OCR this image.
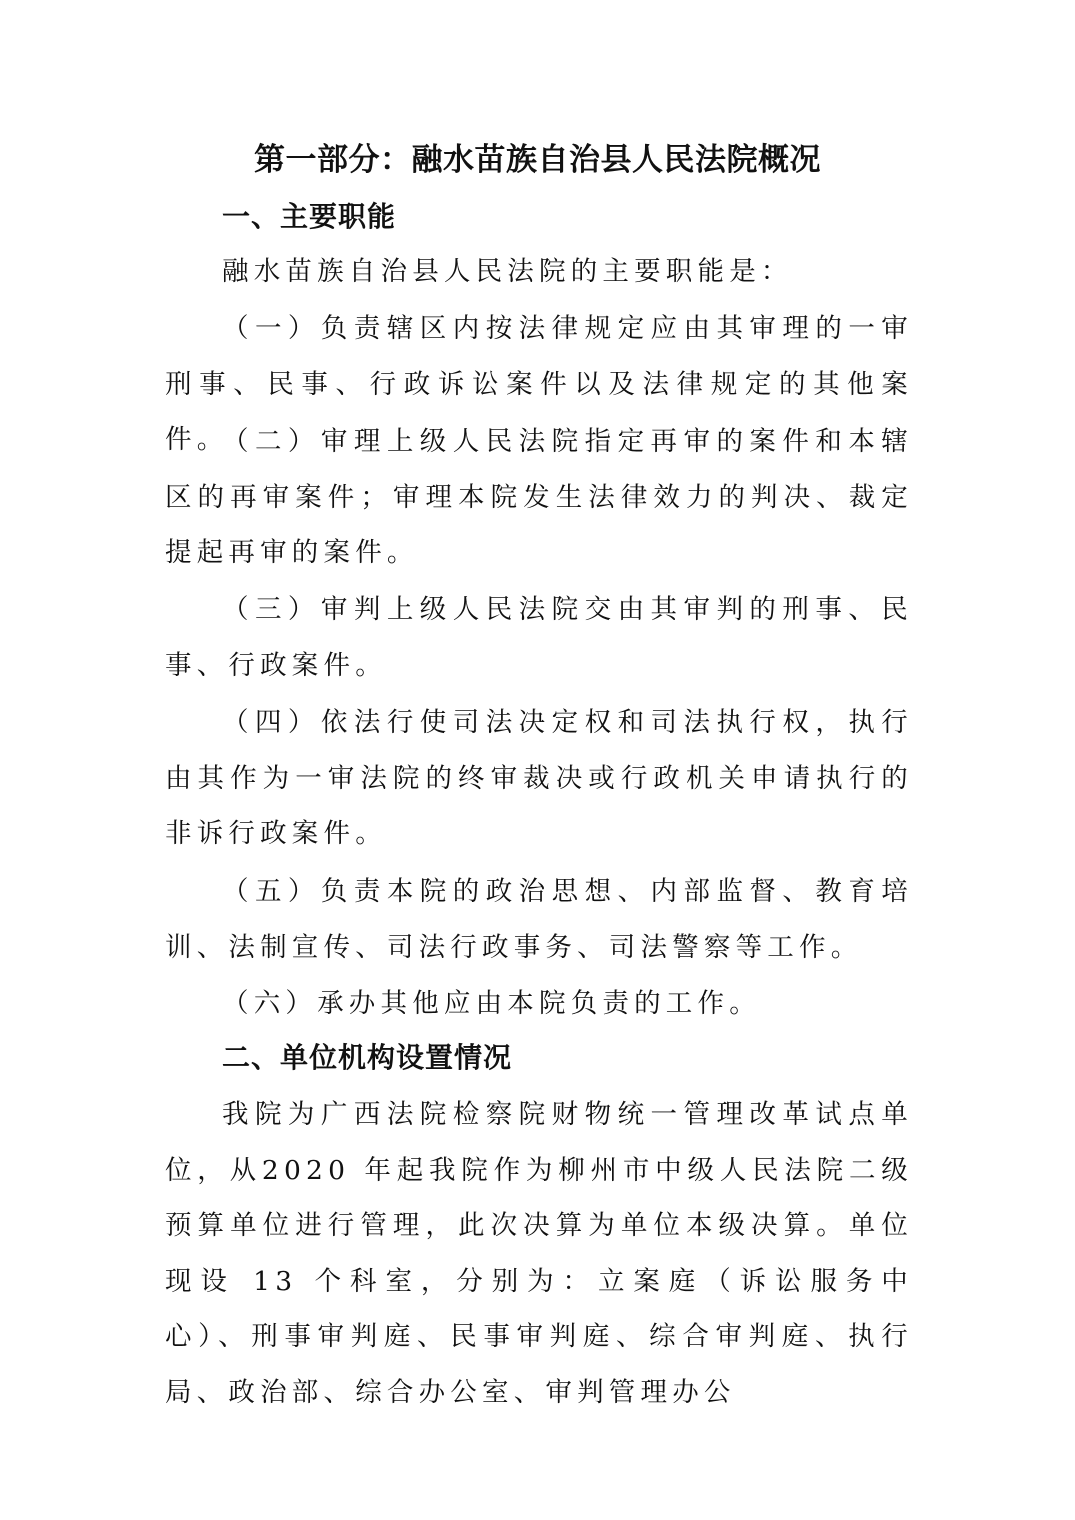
第一部分：融水苗族自治县人民法院概况
一、主要职能

融水苗族自治县人民法院的主要职能是：

（一）负责辖区内按法律规定应由其审理的一审刑事、民事、行政诉讼案件以及法律规定的其他案件。

（二）审理上级人民法院指定再审的案件和本辖区的再审案件；审理本院发生法律效力的判决、裁定提起再审的案件。

（三）审判上级人民法院交由其审判的刑事、民事、行政案件。

（四）依法行使司法决定权和司法执行权，执行由其作为一审法院的终审裁决或行政机关申请执行的非诉行政案件。

（五）负责本院的政治思想、内部监督、教育培训、法制宣传、司法行政事务、司法警察等工作。

（六）承办其他应由本院负责的工作。

二、单位机构设置情况

我院为广西法院检察院财物统一管理改革试点单位，从2020 年起我院作为柳州市中级人民法院二级预算单位进行管理，此次决算为单位本级决算。单位现设 13 个科室，分别为：立案庭（诉讼服务中心）、刑事审判庭、民事审判庭、综合审判庭、执行局、政治部、综合办公室、审判管理办公
